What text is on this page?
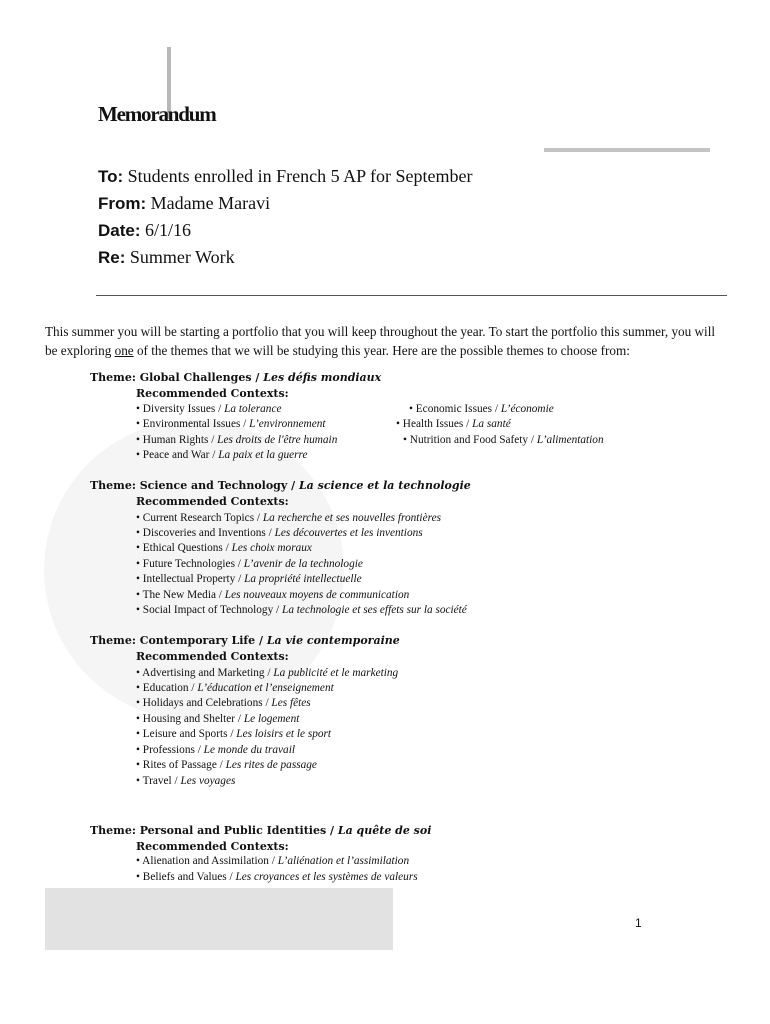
Memorandum
To: Students enrolled in French 5 AP for September
From: Madame Maravi
Date: 6/1/16
Re: Summer Work
This summer you will be starting a portfolio that you will keep throughout the year. To start the portfolio this summer, you will be exploring one of the themes that we will be studying this year. Here are the possible themes to choose from:
Theme: Global Challenges / Les défis mondiaux
Recommended Contexts:
• Diversity Issues / La tolerance
• Environmental Issues / L’environnement
• Human Rights / Les droits de l'être humain
• Peace and War / La paix et la guerre
• Economic Issues / L’économie
• Health Issues / La santé
• Nutrition and Food Safety / L’alimentation
Theme: Science and Technology / La science et la technologie
Recommended Contexts:
• Current Research Topics / La recherche et ses nouvelles frontières
• Discoveries and Inventions / Les découvertes et les inventions
• Ethical Questions / Les choix moraux
• Future Technologies / L’avenir de la technologie
• Intellectual Property / La propriété intellectuelle
• The New Media / Les nouveaux moyens de communication
• Social Impact of Technology / La technologie et ses effets sur la société
Theme: Contemporary Life / La vie contemporaine
Recommended Contexts:
• Advertising and Marketing / La publicité et le marketing
• Education / L’éducation et l’enseignement
• Holidays and Celebrations / Les fêtes
• Housing and Shelter / Le logement
• Leisure and Sports / Les loisirs et le sport
• Professions / Le monde du travail
• Rites of Passage / Les rites de passage
• Travel / Les voyages
Theme: Personal and Public Identities / La quête de soi
Recommended Contexts:
• Alienation and Assimilation / L’aliénation et l’assimilation
• Beliefs and Values / Les croyances et les systèmes de valeurs
1
